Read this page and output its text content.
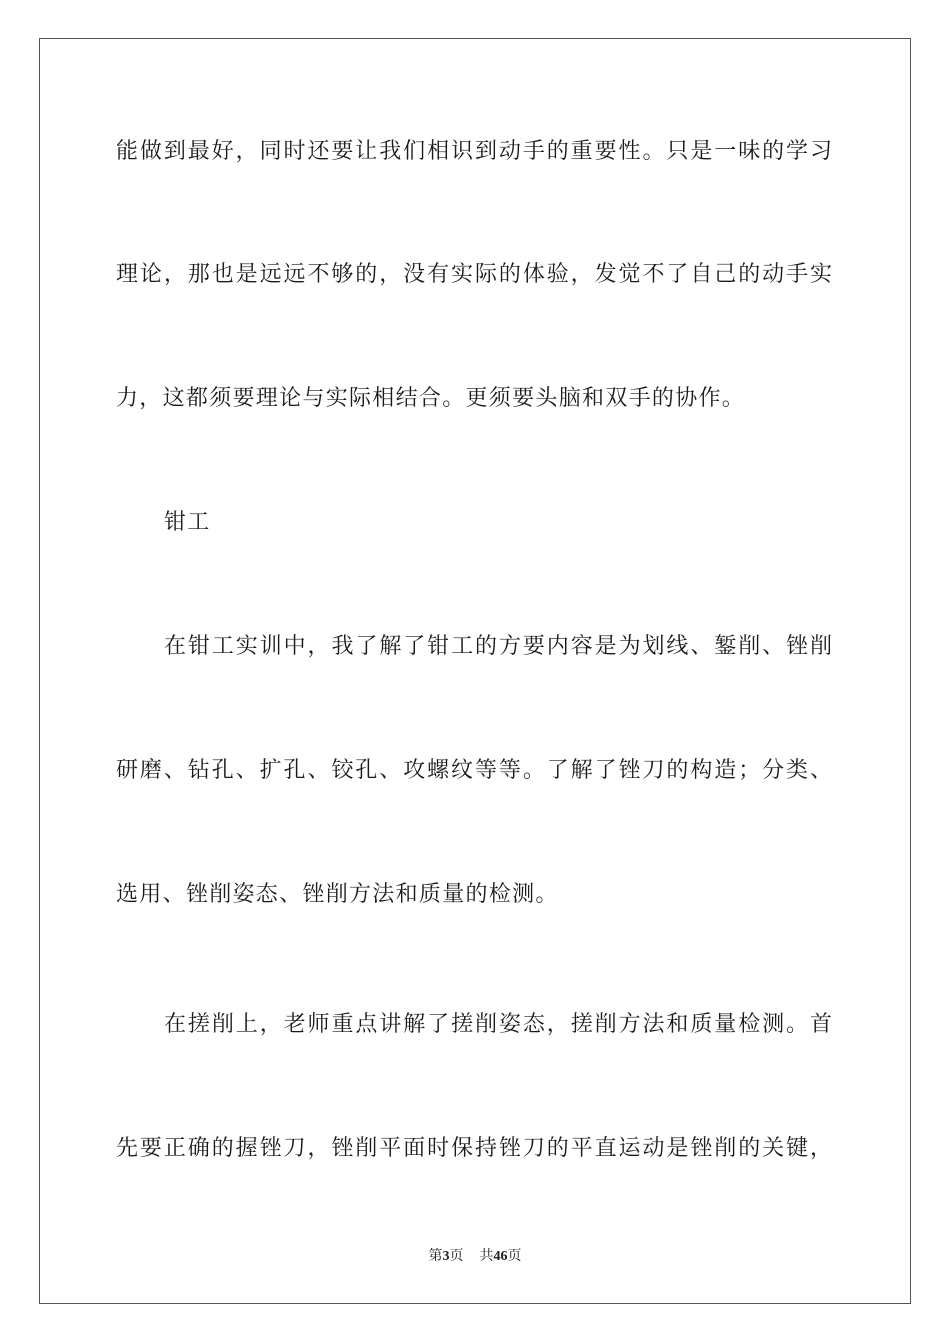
能做到最好，同时还要让我们相识到动手的重要性。只是一味的学习
理论，那也是远远不够的，没有实际的体验，发觉不了自己的动手实
力，这都须要理论与实际相结合。更须要头脑和双手的协作。
钳工
在钳工实训中，我了解了钳工的方要内容是为划线、錾削、锉削
研磨、钻孔、扩孔、铰孔、攻螺纹等等。了解了锉刀的构造；分类、
选用、锉削姿态、锉削方法和质量的检测。
在搓削上，老师重点讲解了搓削姿态，搓削方法和质量检测。首
先要正确的握锉刀，锉削平面时保持锉刀的平直运动是锉削的关键，
第3页 共46页
